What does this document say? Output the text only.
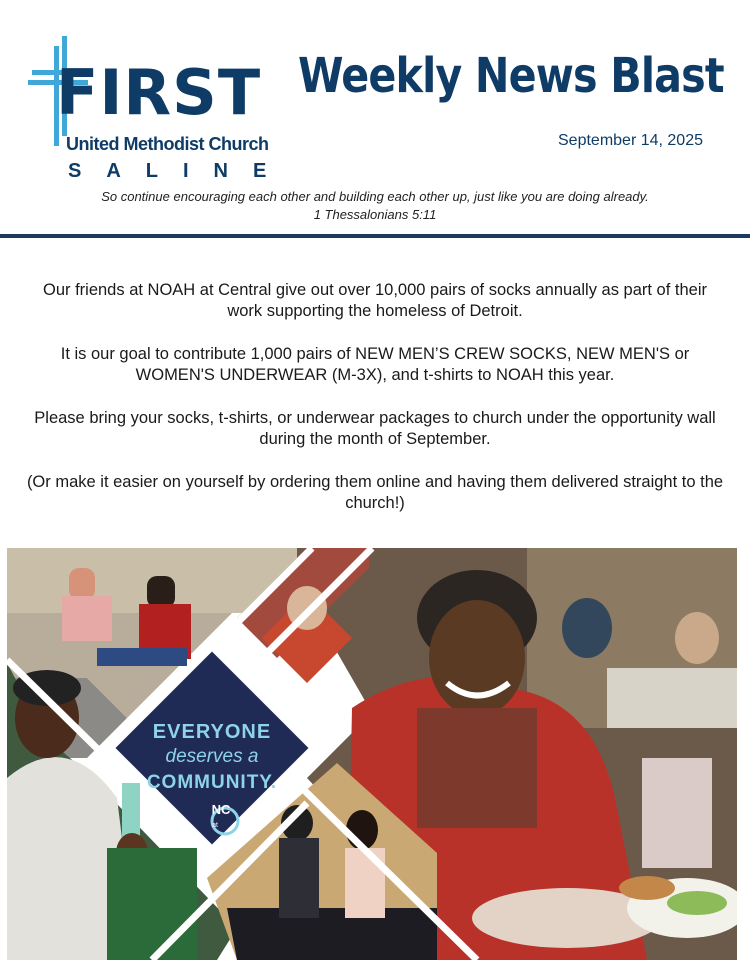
FIRST
United Methodist Church
SALINE
Weekly News Blast
September 14, 2025
So continue encouraging each other and building each other up, just like you are doing already.
1 Thessalonians 5:11

Our friends at NOAH at Central give out over 10,000 pairs of socks annually as part of their work supporting the homeless of Detroit.

It is our goal to contribute 1,000 pairs of NEW MEN’S CREW SOCKS, NEW MEN'S or WOMEN'S UNDERWEAR (M-3X), and t-shirts to NOAH this year.

Please bring your socks, t-shirts, or underwear packages to church under the opportunity wall during the month of September.

(Or make it easier on yourself by ordering them online and having them delivered straight to the church!)

EVERYONE
deserves a
COMMUNITY.
NC
at
